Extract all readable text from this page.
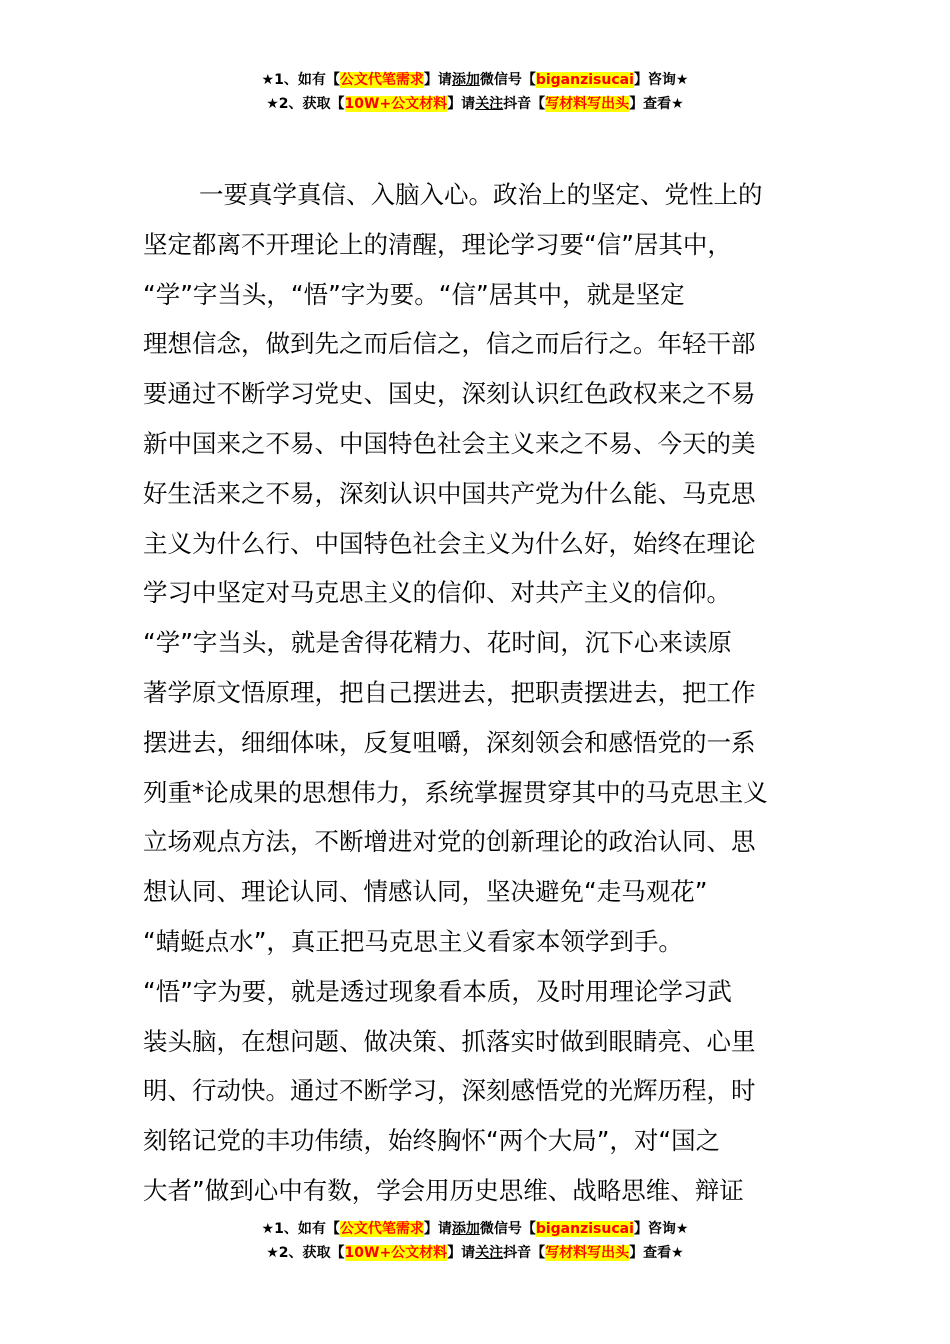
★1、如有【公文代笔需求】请添加微信号【biganzisucai】咨询★
★2、获取【10W+公文材料】请关注抖音【写材料写出头】查看★
一要真学真信、入脑入心。政治上的坚定、党性上的
坚定都离不开理论上的清醒，理论学习要“信”居其中，
“学”字当头，“悟”字为要。“信”居其中，就是坚定
理想信念，做到先之而后信之，信之而后行之。年轻干部
要通过不断学习党史、国史，深刻认识红色政权来之不易
新中国来之不易、中国特色社会主义来之不易、今天的美
好生活来之不易，深刻认识中国共产党为什么能、马克思
主义为什么行、中国特色社会主义为什么好，始终在理论
学习中坚定对马克思主义的信仰、对共产主义的信仰。
“学”字当头，就是舍得花精力、花时间，沉下心来读原
著学原文悟原理，把自己摆进去，把职责摆进去，把工作
摆进去，细细体味，反复咀嚼，深刻领会和感悟党的一系
列重*论成果的思想伟力，系统掌握贯穿其中的马克思主义
立场观点方法，不断增进对党的创新理论的政治认同、思
想认同、理论认同、情感认同，坚决避免“走马观花”
“蜻蜓点水”，真正把马克思主义看家本领学到手。
“悟”字为要，就是透过现象看本质，及时用理论学习武
装头脑，在想问题、做决策、抓落实时做到眼睛亮、心里
明、行动快。通过不断学习，深刻感悟党的光辉历程，时
刻铭记党的丰功伟绩，始终胸怀“两个大局”，对“国之
大者”做到心中有数，学会用历史思维、战略思维、辩证
★1、如有【公文代笔需求】请添加微信号【biganzisucai】咨询★
★2、获取【10W+公文材料】请关注抖音【写材料写出头】查看★
